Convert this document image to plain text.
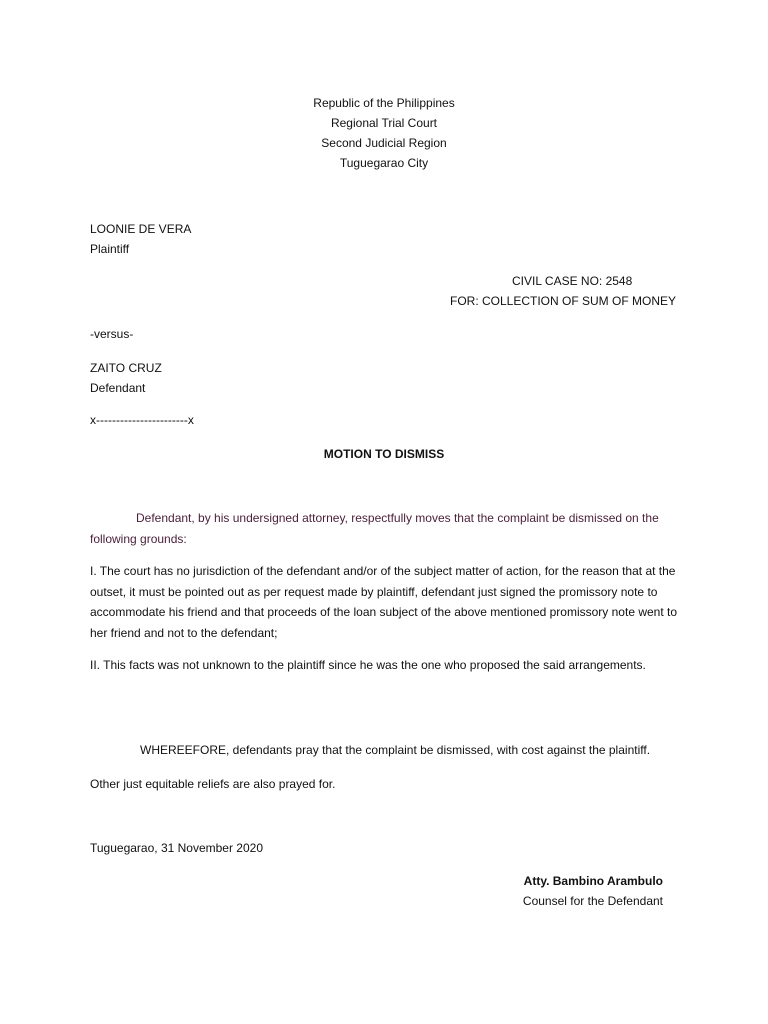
Republic of the Philippines
Regional Trial Court
Second Judicial Region
Tuguegarao City
LOONIE DE VERA
Plaintiff
CIVIL CASE NO: 2548
FOR: COLLECTION OF SUM OF MONEY
-versus-
ZAITO CRUZ
Defendant
x-----------------------x
MOTION TO DISMISS

Defendant, by his undersigned attorney, respectfully moves that the complaint be dismissed on the following grounds:

I. The court has no jurisdiction of the defendant and/or of the subject matter of action, for the reason that at the outset, it must be pointed out as per request made by plaintiff, defendant just signed the promissory note to accommodate his friend and that proceeds of the loan subject of the above mentioned promissory note went to her friend and not to the defendant;

II. This facts was not unknown to the plaintiff since he was the one who proposed the said arrangements.

WHEREEFORE, defendants pray that the complaint be dismissed, with cost against the plaintiff.

Other just equitable reliefs are also prayed for.

Tuguegarao, 31 November 2020
Atty. Bambino Arambulo
Counsel for the Defendant
